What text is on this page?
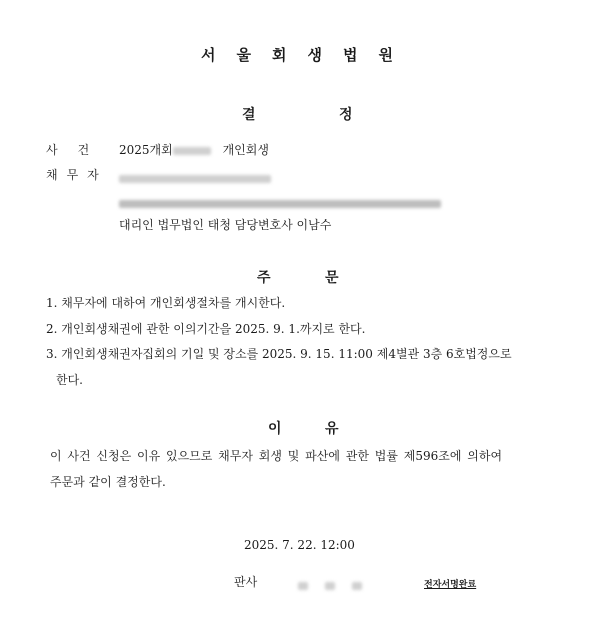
서울회생법원
결	정
사건 2025개회	개인회생
채무자
대리인 법무법인 태청 담당변호사 이남수
주	문
1. 채무자에 대하여 개인회생절차를 개시한다.
2. 개인회생채권에 관한 이의기간을 2025. 9. 1.까지로 한다.
3. 개인회생채권자집회의 기일 및 장소를 2025. 9. 15. 11:00 제4별관 3층 6호법정으로
한다.
이	유
이 사건 신청은 이유 있으므로 채무자 회생 및 파산에 관한 법률 제596조에 의하여
주문과 같이 결정한다.
2025. 7. 22. 12:00
판사
	전자서명완료
